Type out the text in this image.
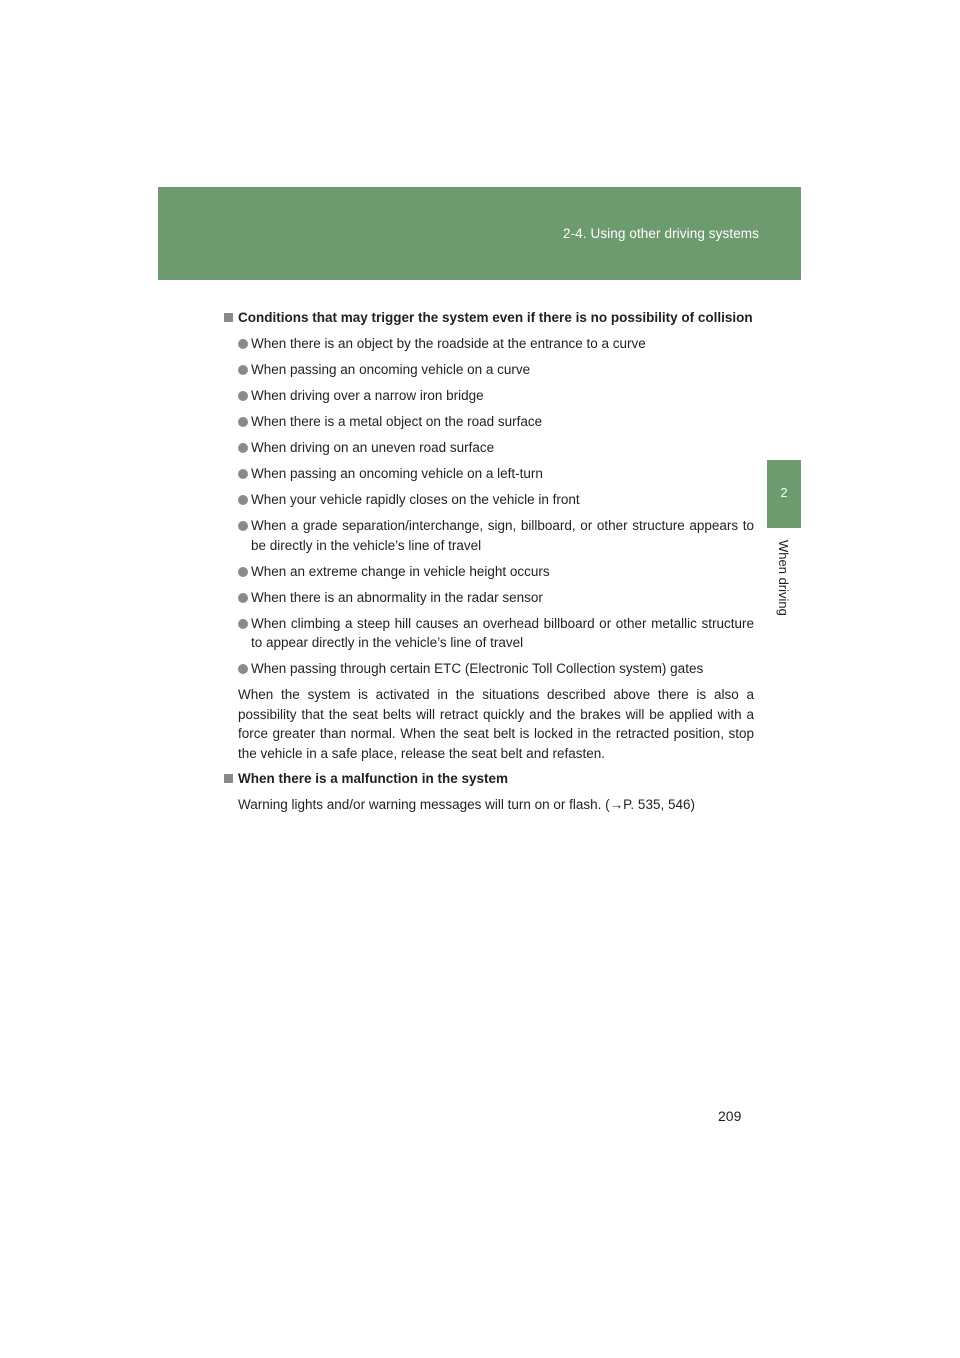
2-4. Using other driving systems
2
When driving
Conditions that may trigger the system even if there is no possibility of collision
When there is an object by the roadside at the entrance to a curve
When passing an oncoming vehicle on a curve
When driving over a narrow iron bridge
When there is a metal object on the road surface
When driving on an uneven road surface
When passing an oncoming vehicle on a left-turn
When your vehicle rapidly closes on the vehicle in front
When a grade separation/interchange, sign, billboard, or other structure appears to be directly in the vehicle’s line of travel
When an extreme change in vehicle height occurs
When there is an abnormality in the radar sensor
When climbing a steep hill causes an overhead billboard or other metallic structure to appear directly in the vehicle’s line of travel
When passing through certain ETC (Electronic Toll Collection system) gates

When the system is activated in the situations described above there is also a possibility that the seat belts will retract quickly and the brakes will be applied with a force greater than normal. When the seat belt is locked in the retracted position, stop the vehicle in a safe place, release the seat belt and refasten.

When there is a malfunction in the system

Warning lights and/or warning messages will turn on or flash. (→P. 535, 546)

209
